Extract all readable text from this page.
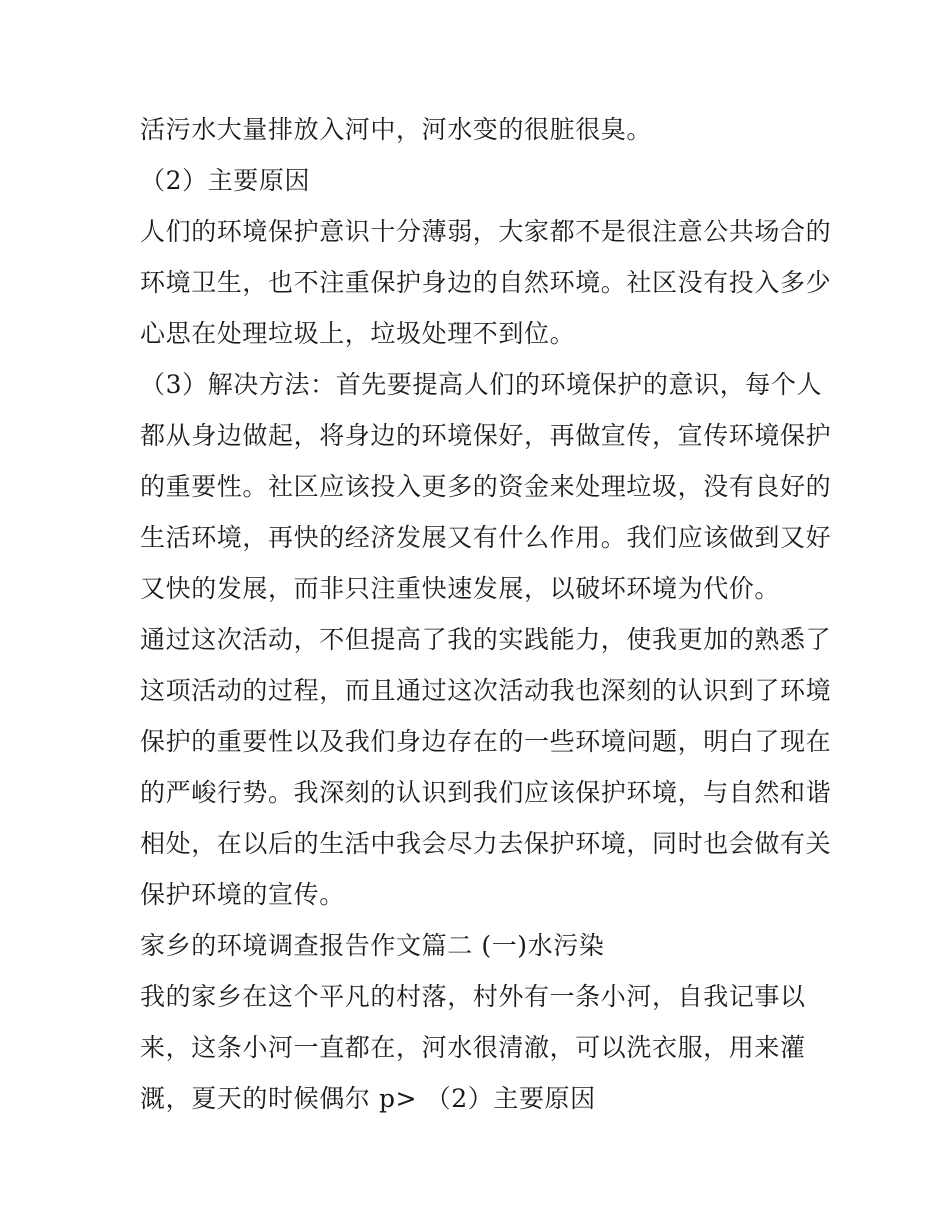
活污水大量排放入河中，河水变的很脏很臭。
（2）主要原因
人们的环境保护意识十分薄弱，大家都不是很注意公共场合的
环境卫生，也不注重保护身边的自然环境。社区没有投入多少
心思在处理垃圾上，垃圾处理不到位。
（3）解决方法：首先要提高人们的环境保护的意识，每个人
都从身边做起，将身边的环境保好，再做宣传，宣传环境保护
的重要性。社区应该投入更多的资金来处理垃圾，没有良好的
生活环境，再快的经济发展又有什么作用。我们应该做到又好
又快的发展，而非只注重快速发展，以破坏环境为代价。
通过这次活动，不但提高了我的实践能力，使我更加的熟悉了
这项活动的过程，而且通过这次活动我也深刻的认识到了环境
保护的重要性以及我们身边存在的一些环境问题，明白了现在
的严峻行势。我深刻的认识到我们应该保护环境，与自然和谐
相处，在以后的生活中我会尽力去保护环境，同时也会做有关
保护环境的宣传。
家乡的环境调查报告作文篇二 (一)水污染
我的家乡在这个平凡的村落，村外有一条小河，自我记事以
来，这条小河一直都在，河水很清澈，可以洗衣服，用来灌
溉，夏天的时候偶尔 p> （2）主要原因
